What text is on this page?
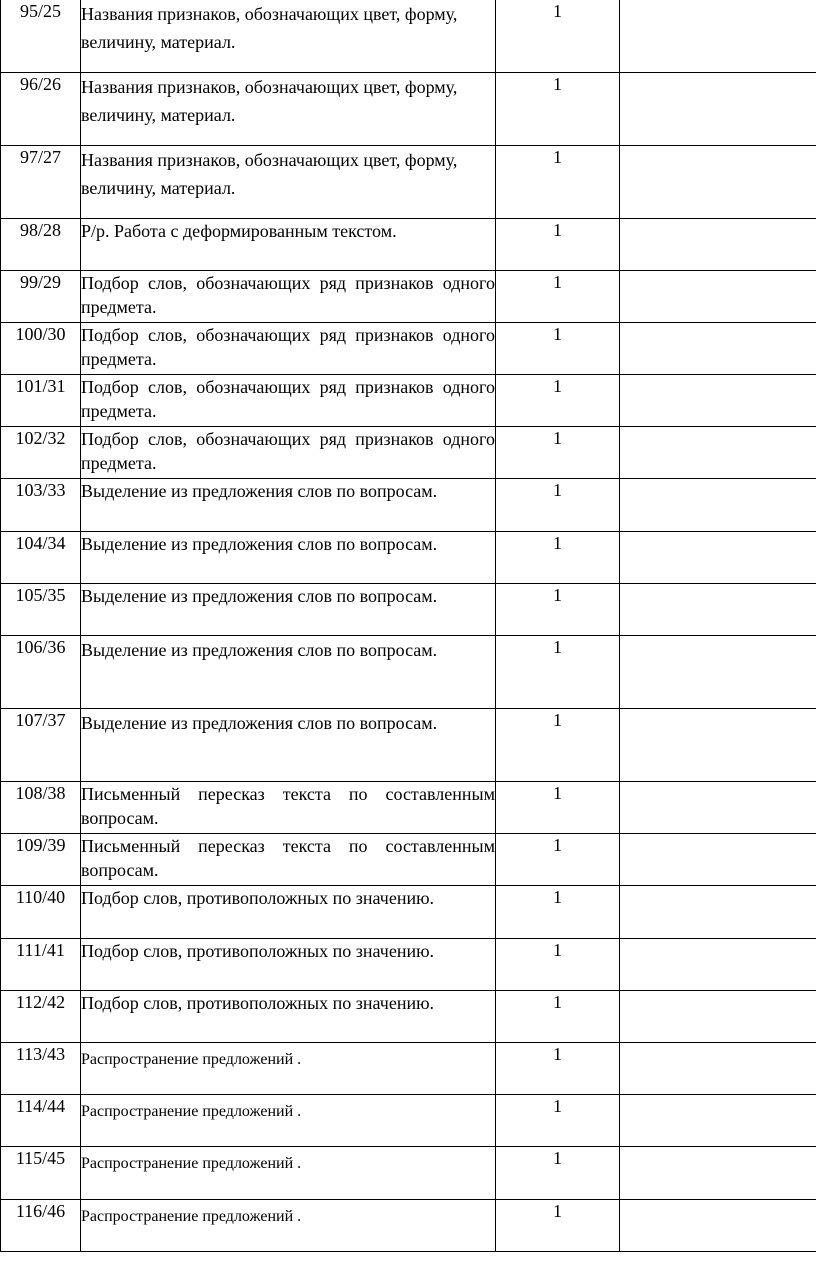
95/25	Названия признаков, обозначающих цвет, форму, величину, материал.	1	
96/26	Названия признаков, обозначающих цвет, форму, величину, материал.	1	
97/27	Названия признаков, обозначающих цвет, форму, величину, материал.	1	
98/28	Р/р. Работа с деформированным текстом.	1	
99/29	Подбор слов, обозначающих ряд признаков одного предмета.	1	
100/30	Подбор слов, обозначающих ряд признаков одного предмета.	1	
101/31	Подбор слов, обозначающих ряд признаков одного предмета.	1	
102/32	Подбор слов, обозначающих ряд признаков одного предмета.	1	
103/33	Выделение из предложения слов по вопросам.	1	
104/34	Выделение из предложения слов по вопросам.	1	
105/35	Выделение из предложения слов по вопросам.	1	
106/36	Выделение из предложения слов по вопросам.	1	
107/37	Выделение из предложения слов по вопросам.	1	
108/38	Письменный пересказ текста по составленным вопросам.	1	
109/39	Письменный пересказ текста по составленным вопросам.	1	
110/40	Подбор слов, противоположных по значению.	1	
111/41	Подбор слов, противоположных по значению.	1	
112/42	Подбор слов, противоположных по значению.	1	
113/43	Распространение предложений .	1	
114/44	Распространение предложений .	1	
115/45	Распространение предложений .	1	
116/46	Распространение предложений .	1	
